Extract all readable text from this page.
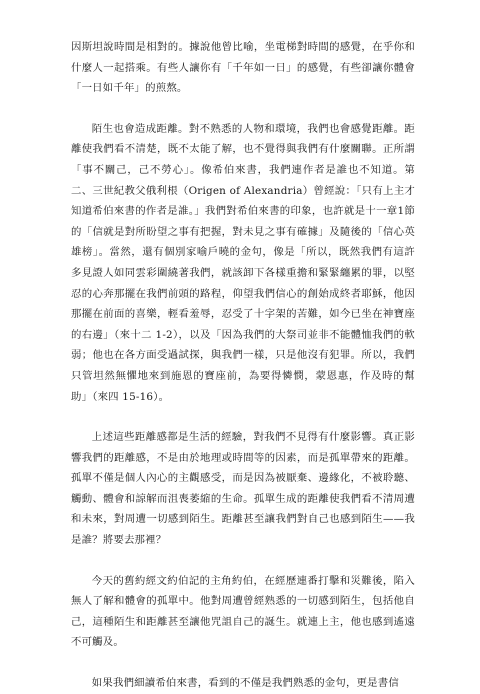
因斯坦說時間是相對的。據說他曾比喻，坐電梯對時間的感覺，在乎你和什麼人一起搭乘。有些人讓你有「千年如一日」的感覺，有些卻讓你體會「一日如千年」的煎熬。

陌生也會造成距離。對不熟悉的人物和環境，我們也會感覺距離。距離使我們看不清楚，既不太能了解，也不覺得與我們有什麼關聯。正所謂「事不關己，己不勞心」。像希伯來書，我們連作者是誰也不知道。第二、三世紀教父俄利根（Origen of Alexandria）曾經說：「只有上主才知道希伯來書的作者是誰。」我們對希伯來書的印象，也許就是十一章1節的「信就是對所盼望之事有把握，對未見之事有確據」及隨後的「信心英雄榜」。當然，還有個別家喻戶曉的金句，像是「所以，既然我們有這許多見證人如同雲彩圍繞著我們，就該卸下各樣重擔和緊緊纏累的罪，以堅忍的心奔那擺在我們前頭的路程，仰望我們信心的創始成終者耶穌，他因那擺在前面的喜樂，輕看羞辱，忍受了十字架的苦難，如今已坐在神寶座的右邊」（來十二 1-2），以及「因為我們的大祭司並非不能體恤我們的軟弱；他也在各方面受過試探，與我們一樣，只是他沒有犯罪。所以，我們只管坦然無懼地來到施恩的寶座前，為要得憐憫，蒙恩惠，作及時的幫助」（來四 15-16）。

上述這些距離感都是生活的經驗，對我們不見得有什麼影響。真正影響我們的距離感，不是由於地理或時間等的因素，而是孤單帶來的距離。孤單不僅是個人內心的主觀感受，而是因為被厭棄、邊緣化，不被聆聽、觸動、體會和諒解而沮喪萎縮的生命。孤單生成的距離使我們看不清周遭和未來，對周遭一切感到陌生。距離甚至讓我們對自己也感到陌生——我是誰？將要去那裡？

今天的舊約經文約伯記的主角約伯，在經歷連番打擊和災難後，陷入無人了解和體會的孤單中。他對周遭曾經熟悉的一切感到陌生，包括他自己，這種陌生和距離甚至讓他咒詛自己的誕生。就連上主，他也感到遙遠不可觸及。

如果我們細讀希伯來書，看到的不僅是我們熟悉的金句，更是書信
